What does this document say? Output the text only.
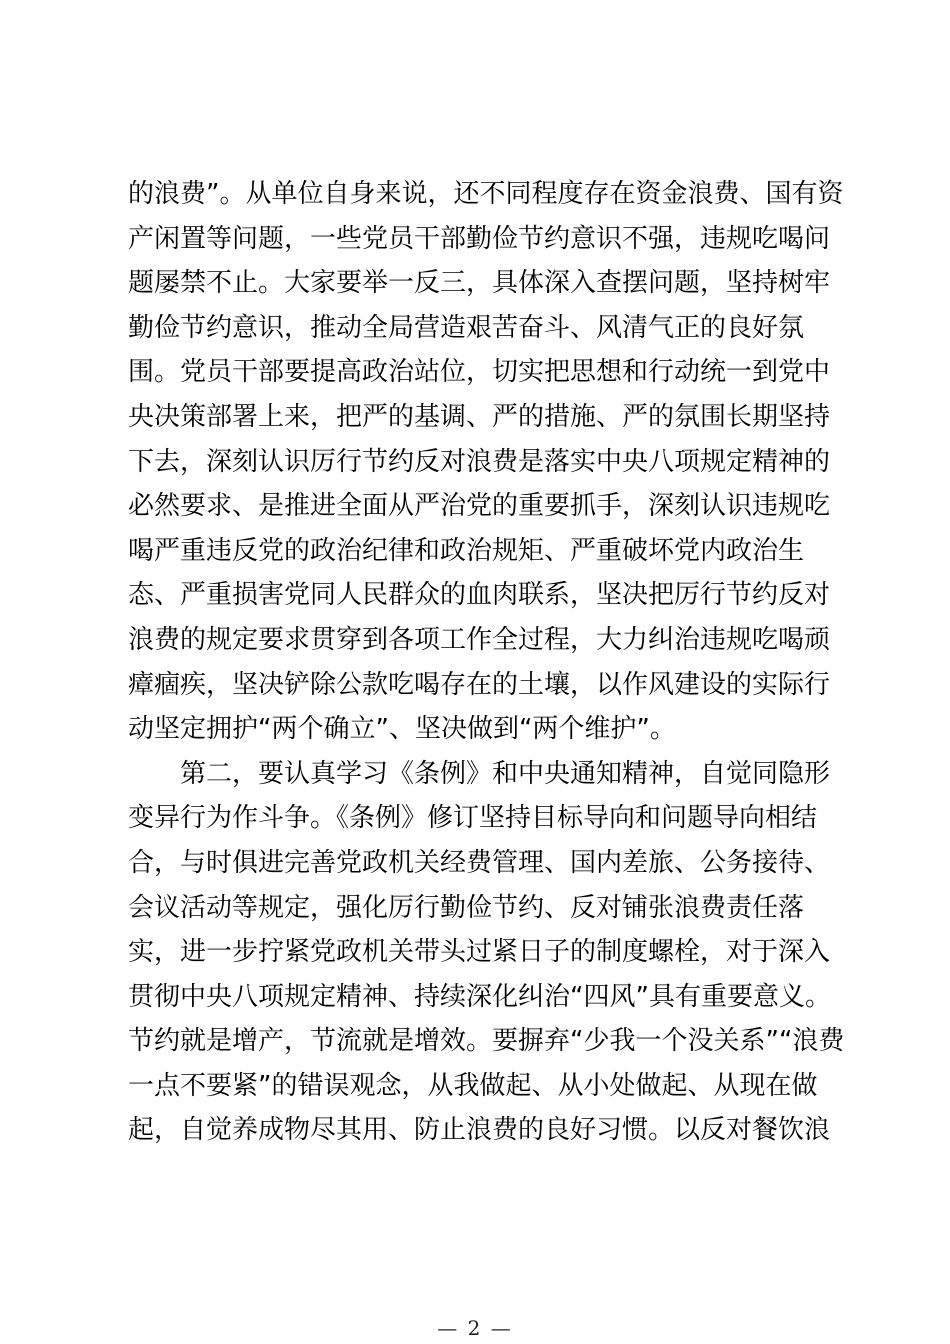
的浪费”。从单位自身来说，还不同程度存在资金浪费、国有资
产闲置等问题，一些党员干部勤俭节约意识不强，违规吃喝问
题屡禁不止。大家要举一反三，具体深入查摆问题，坚持树牢
勤俭节约意识，推动全局营造艰苦奋斗、风清气正的良好氛
围。党员干部要提高政治站位，切实把思想和行动统一到党中
央决策部署上来，把严的基调、严的措施、严的氛围长期坚持
下去，深刻认识厉行节约反对浪费是落实中央八项规定精神的
必然要求、是推进全面从严治党的重要抓手，深刻认识违规吃
喝严重违反党的政治纪律和政治规矩、严重破坏党内政治生
态、严重损害党同人民群众的血肉联系，坚决把厉行节约反对
浪费的规定要求贯穿到各项工作全过程，大力纠治违规吃喝顽
瘴痼疾，坚决铲除公款吃喝存在的土壤，以作风建设的实际行
动坚定拥护“两个确立”、坚决做到“两个维护”。
　　第二，要认真学习《条例》和中央通知精神，自觉同隐形
变异行为作斗争。《条例》修订坚持目标导向和问题导向相结
合，与时俱进完善党政机关经费管理、国内差旅、公务接待、
会议活动等规定，强化厉行勤俭节约、反对铺张浪费责任落
实，进一步拧紧党政机关带头过紧日子的制度螺栓，对于深入
贯彻中央八项规定精神、持续深化纠治“四风”具有重要意义。
节约就是增产，节流就是增效。要摒弃“少我一个没关系”“浪费
一点不要紧”的错误观念，从我做起、从小处做起、从现在做
起，自觉养成物尽其用、防止浪费的良好习惯。以反对餐饮浪
— 2 —
